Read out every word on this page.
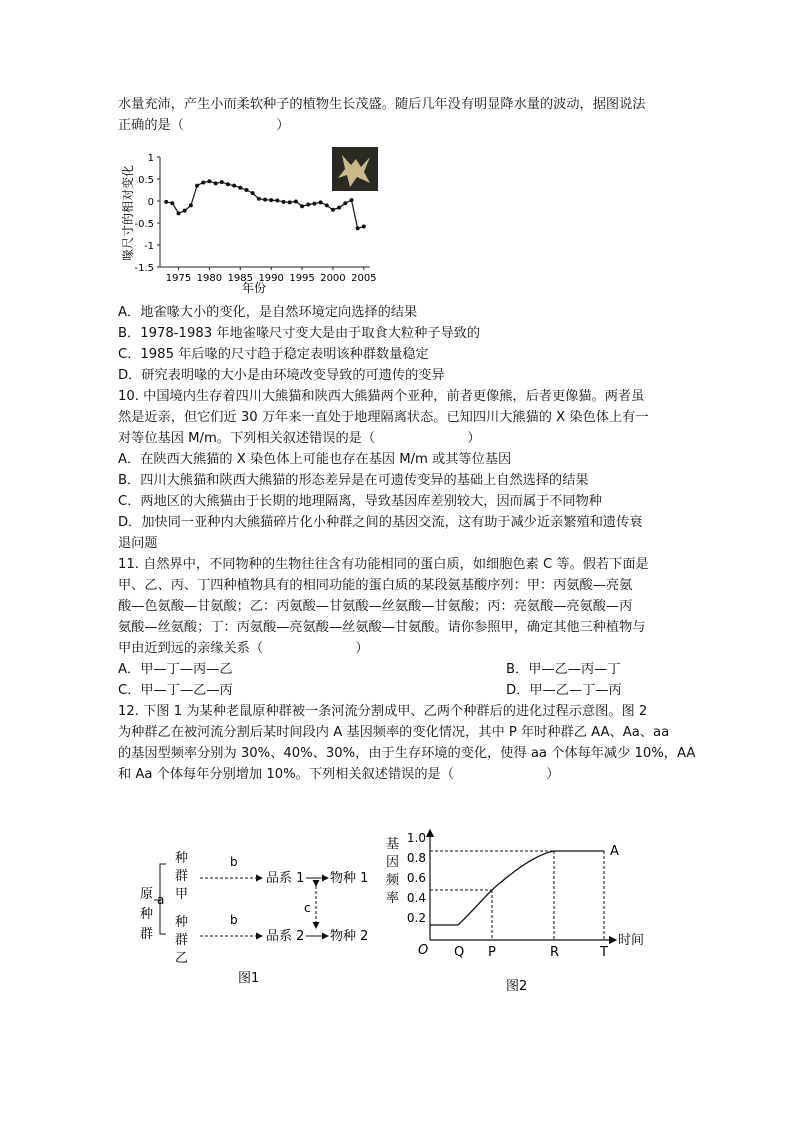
水量充沛，产生小而柔软种子的植物生长茂盛。随后几年没有明显降水量的波动，据图说法
正确的是（　　　　　　　）
喙尺寸的相对变化
1
0.5
0
-0.5
-1
-1.5
1975 1980 1985 1990 1995 2000 2005
年份
A．地雀喙大小的变化，是自然环境定向选择的结果
B．1978-1983 年地雀喙尺寸变大是由于取食大粒种子导致的
C．1985 年后喙的尺寸趋于稳定表明该种群数量稳定
D．研究表明喙的大小是由环境改变导致的可遗传的变异
10. 中国境内生存着四川大熊猫和陕西大熊猫两个亚种，前者更像熊，后者更像猫。两者虽
然是近亲，但它们近 30 万年来一直处于地理隔离状态。已知四川大熊猫的 X 染色体上有一
对等位基因 M/m。下列相关叙述错误的是（　　　　　　　）
A．在陕西大熊猫的 X 染色体上可能也存在基因 M/m 或其等位基因
B．四川大熊猫和陕西大熊猫的形态差异是在可遗传变异的基础上自然选择的结果
C．两地区的大熊猫由于长期的地理隔离，导致基因库差别较大，因而属于不同物种
D．加快同一亚种内大熊猫碎片化小种群之间的基因交流，这有助于减少近亲繁殖和遗传衰
退问题
11. 自然界中，不同物种的生物往往含有功能相同的蛋白质，如细胞色素 C 等。假若下面是
甲、乙、丙、丁四种植物具有的相同功能的蛋白质的某段氨基酸序列：甲：丙氨酸—亮氨
酸—色氨酸—甘氨酸；乙：丙氨酸—甘氨酸—丝氨酸—甘氨酸；丙：亮氨酸—亮氨酸—丙
氨酸—丝氨酸；丁：丙氨酸—亮氨酸—丝氨酸—甘氨酸。请你参照甲，确定其他三种植物与
甲由近到远的亲缘关系（　　　　　　　）
A．甲—丁—丙—乙	B．甲—乙—丙—丁
C．甲—丁—乙—丙	D．甲—乙—丁—丙
12. 下图 1 为某种老鼠原种群被一条河流分割成甲、乙两个种群后的进化过程示意图。图 2
为种群乙在被河流分割后某时间段内 A 基因频率的变化情况，其中 P 年时种群乙 AA、Aa、aa
的基因型频率分别为 30%、40%、30%，由于生存环境的变化，使得 aa 个体每年减少 10%，AA
和 Aa 个体每年分别增加 10%。下列相关叙述错误的是（　　　　　　　）
原
种
群
a
种
群
甲
种
群
乙
b
b
品系 1
品系 2
物种 1
物种 2
c
图1
基
因
频
率
1.0
0.8
0.6
0.4
0.2
A
O Q P	R	T
时间
图2
